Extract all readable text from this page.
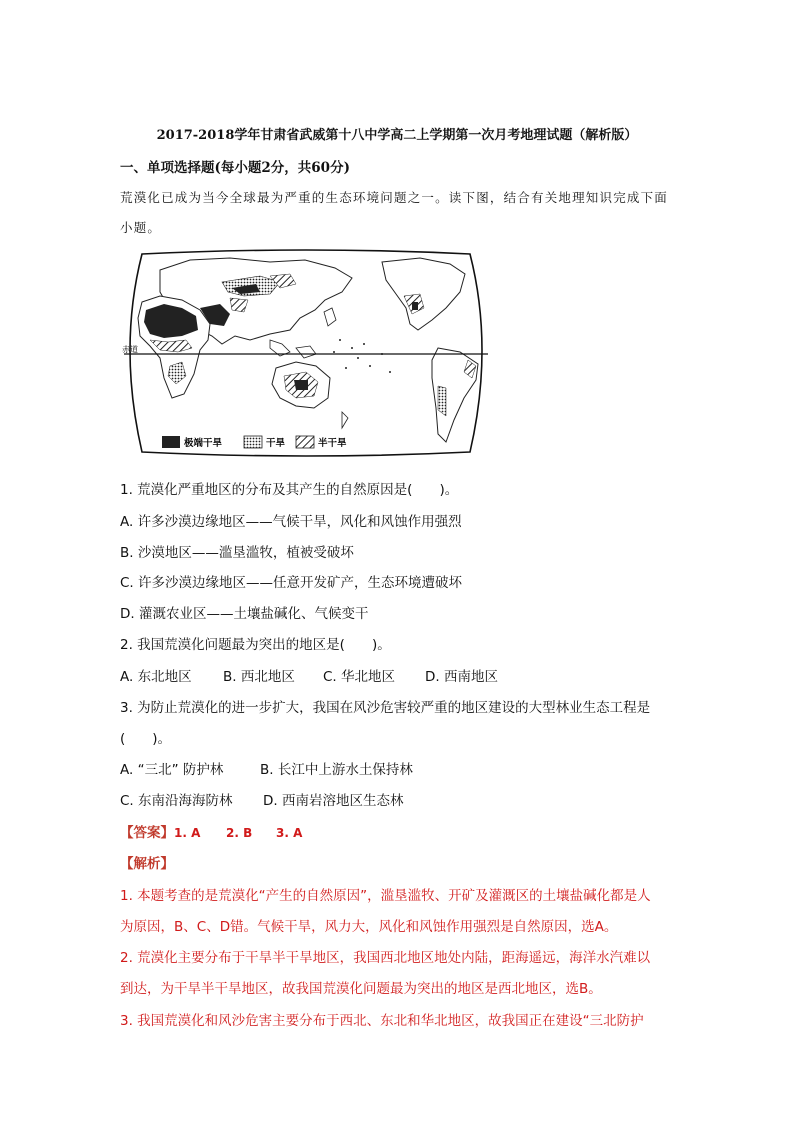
2017-2018学年甘肃省武威第十八中学高二上学期第一次月考地理试题（解析版）
一、单项选择题(每小题2分，共60分)
荒漠化已成为当今全球最为严重的生态环境问题之一。读下图，结合有关地理知识完成下面
小题。
赤道
极端干旱	干旱	半干旱
1. 荒漠化严重地区的分布及其产生的自然原因是(　　)。
A. 许多沙漠边缘地区——气候干旱，风化和风蚀作用强烈
B. 沙漠地区——滥垦滥牧，植被受破坏
C. 许多沙漠边缘地区——任意开发矿产，生态环境遭破坏
D. 灌溉农业区——土壤盐碱化、气候变干
2. 我国荒漠化问题最为突出的地区是(　　)。
A. 东北地区 B. 西北地区 C. 华北地区 D. 西南地区
3. 为防止荒漠化的进一步扩大，我国在风沙危害较严重的地区建设的大型林业生态工程是
(　　)。
A. “三北” 防护林	B. 长江中上游水土保持林
C. 东南沿海海防林 D. 西南岩溶地区生态林
【答案】1. A 2. B 3. A
【解析】
1. 本题考查的是荒漠化“产生的自然原因”，滥垦滥牧、开矿及灌溉区的土壤盐碱化都是人
为原因，B、C、D错。气候干旱，风力大，风化和风蚀作用强烈是自然原因，选A。
2. 荒漠化主要分布于干旱半干旱地区，我国西北地区地处内陆，距海遥远，海洋水汽难以
到达，为干旱半干旱地区，故我国荒漠化问题最为突出的地区是西北地区，选B。
3. 我国荒漠化和风沙危害主要分布于西北、东北和华北地区，故我国正在建设“三北防护
